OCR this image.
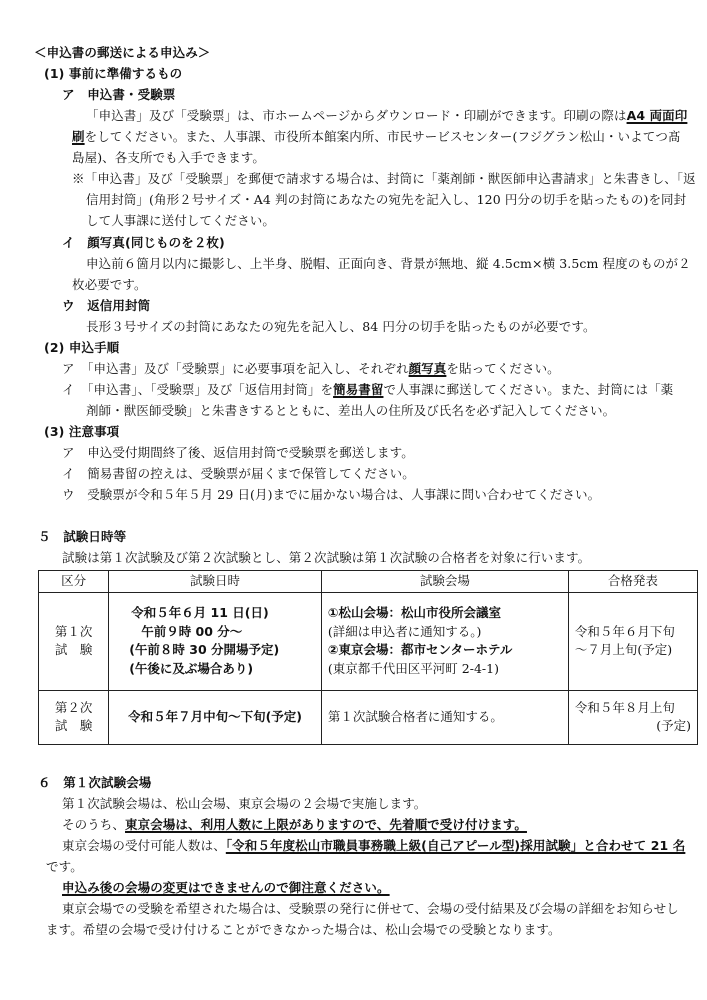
＜申込書の郵送による申込み＞
(1) 事前に準備するもの
ア　申込書・受験票
「申込書」及び「受験票」は、市ホームページからダウンロード・印刷ができます。印刷の際はA4 両面印
刷をしてください。また、人事課、市役所本館案内所、市民サービスセンター(フジグラン松山・いよてつ髙
島屋)、各支所でも入手できます。
※「申込書」及び「受験票」を郵便で請求する場合は、封筒に「薬剤師・獣医師申込書請求」と朱書きし、「返
信用封筒」(角形２号サイズ・A4 判の封筒にあなたの宛先を記入し、120 円分の切手を貼ったもの)を同封
して人事課に送付してください。
イ　顔写真(同じものを２枚)
申込前６箇月以内に撮影し、上半身、脱帽、正面向き、背景が無地、縦 4.5cm×横 3.5cm 程度のものが２
枚必要です。
ウ　返信用封筒
長形３号サイズの封筒にあなたの宛先を記入し、84 円分の切手を貼ったものが必要です。
(2) 申込手順
ア　「申込書」及び「受験票」に必要事項を記入し、それぞれ顔写真を貼ってください。
イ　「申込書」、「受験票」及び「返信用封筒」を簡易書留で人事課に郵送してください。また、封筒には「薬
剤師・獣医師受験」と朱書きするとともに、差出人の住所及び氏名を必ず記入してください。
(3) 注意事項
ア　申込受付期間終了後、返信用封筒で受験票を郵送します。
イ　簡易書留の控えは、受験票が届くまで保管してください。
ウ　受験票が令和５年５月 29 日(月)までに届かない場合は、人事課に問い合わせてください。
５　試験日時等
試験は第１次試験及び第２次試験とし、第２次試験は第１次試験の合格者を対象に行います。
区分	試験日時	試験会場	合格発表

第１次
試　験	令和５年６月 11 日(日)
午前９時 00 分～
(午前８時 30 分開場予定)
(午後に及ぶ場合あり)	①松山会場：松山市役所会議室
(詳細は申込者に通知する。)
②東京会場：都市センターホテル
(東京都千代田区平河町 2-4-1)	令和５年６月下旬
～７月上旬(予定)

第２次
試　験	令和５年７月中旬～下旬(予定)	第１次試験合格者に通知する。	令和５年８月上旬
(予定)
６　第１次試験会場
第１次試験会場は、松山会場、東京会場の２会場で実施します。
そのうち、東京会場は、利用人数に上限がありますので、先着順で受け付けます。
東京会場の受付可能人数は、「令和５年度松山市職員事務職上級(自己アピール型)採用試験」と合わせて 21 名
です。
申込み後の会場の変更はできませんので御注意ください。
東京会場での受験を希望された場合は、受験票の発行に併せて、会場の受付結果及び会場の詳細をお知らせし
ます。希望の会場で受け付けることができなかった場合は、松山会場での受験となります。
